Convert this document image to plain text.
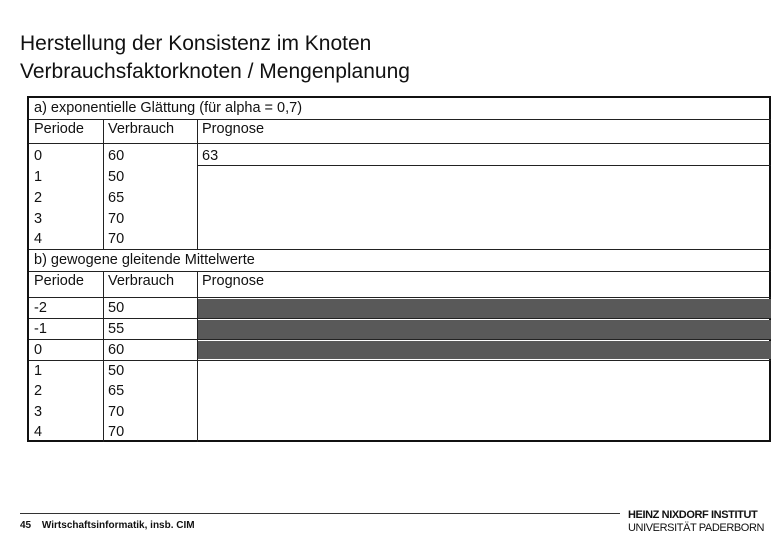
Herstellung der Konsistenz im Knoten
Verbrauchsfaktorknoten / Mengenplanung
a) exponentielle Glättung (für alpha = 0,7)
Periode Verbrauch Prognose
0	60	63
1	50
2	65
3	70
4	70
b) gewogene gleitende Mittelwerte
Periode Verbrauch Prognose
-2	50
-1	55
0	60
1	50
2	65
3	70
4	70
45 Wirtschaftsinformatik, insb. CIM
HEINZ NIXDORF INSTITUT
UNIVERSITÄT PADERBORN
